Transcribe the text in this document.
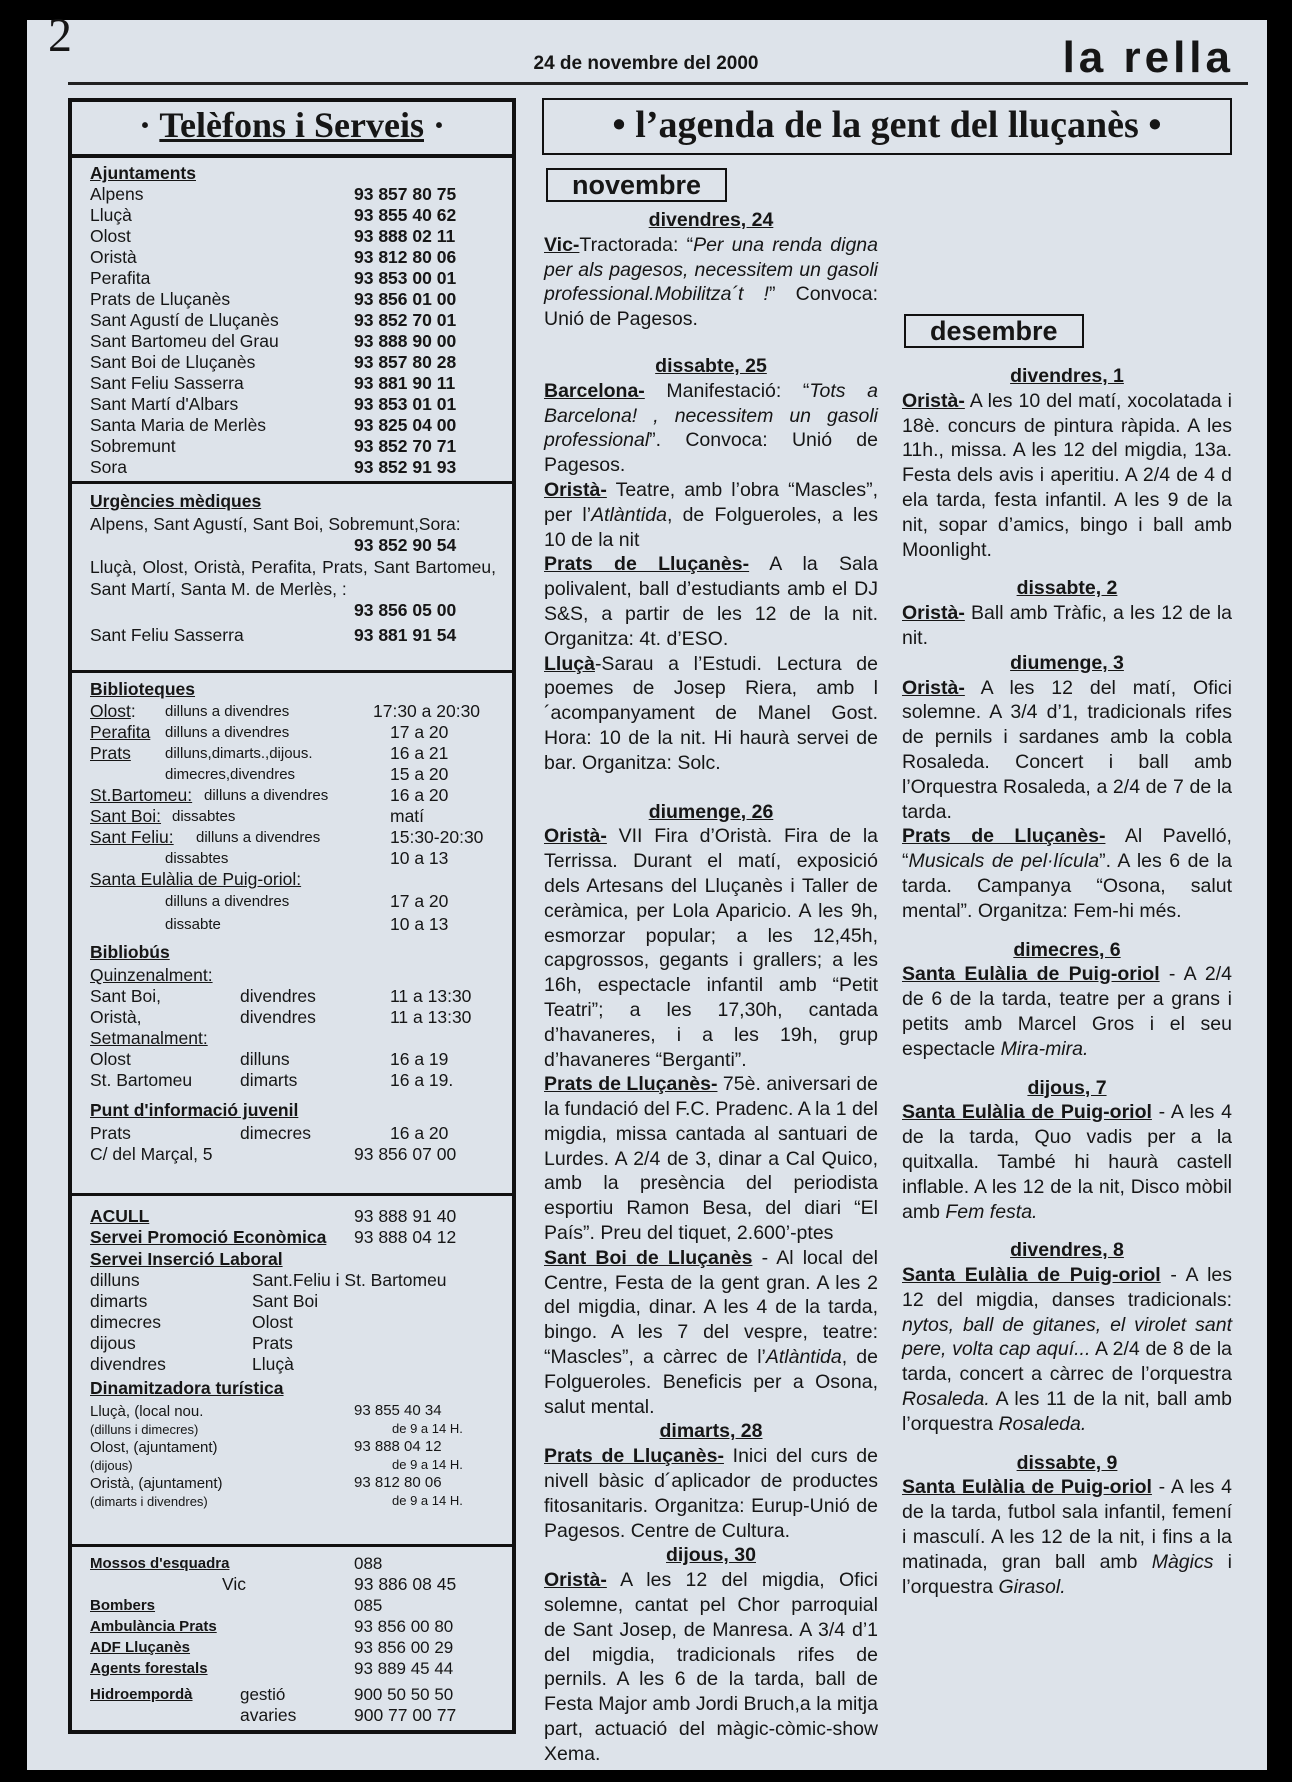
2
24 de novembre del 2000	la rella
· Telèfons i Serveis ·
Ajuntaments
Alpens	93 857 80 75
Lluçà	93 855 40 62
Olost	93 888 02 11
Oristà	93 812 80 06
Perafita	93 853 00 01
Prats de Lluçanès	93 856 01 00
Sant Agustí de Lluçanès	93 852 70 01
Sant Bartomeu del Grau	93 888 90 00
Sant Boi de Lluçanès	93 857 80 28
Sant Feliu Sasserra	93 881 90 11
Sant Martí d'Albars	93 853 01 01
Santa Maria de Merlès	93 825 04 00
Sobremunt	93 852 70 71
Sora	93 852 91 93
Urgències mèdiques
Alpens, Sant Agustí, Sant Boi, Sobremunt,Sora:
93 852 90 54
Lluçà, Olost, Oristà, Perafita, Prats, Sant Bartomeu, Sant Martí, Santa M. de Merlès, :
93 856 05 00
Sant Feliu Sasserra	93 881 91 54
Biblioteques
Olost: dilluns a divendres	17:30 a 20:30
Perafita dilluns a divendres	17 a 20
Prats dilluns,dimarts.,dijous.	16 a 21
dimecres,divendres	15 a 20
St.Bartomeu: dilluns a divendres	16 a 20
Sant Boi: dissabtes	matí
Sant Feliu: dilluns a divendres	15:30-20:30
dissabtes	10 a 13
Santa Eulàlia de Puig-oriol:
dilluns a divendres	17 a 20
dissabte	10 a 13
Bibliobús
Quinzenalment:
Sant Boi,	divendres	11 a 13:30
Oristà,	divendres	11 a 13:30
Setmanalment:
Olost	dilluns	16 a 19
St. Bartomeu	dimarts	16 a 19.
Punt d'informació juvenil
Prats	dimecres	16 a 20
C/ del Marçal, 5	93 856 07 00
ACULL	93 888 91 40
Servei Promoció Econòmica 93 888 04 12
Servei Inserció Laboral
dilluns	Sant.Feliu i St. Bartomeu
dimarts	Sant Boi
dimecres	Olost
dijous	Prats
divendres	Lluçà
Dinamitzadora turística
Lluçà, (local nou.	93 855 40 34
(dilluns i dimecres)	de 9 a 14 H.
Olost, (ajuntament)	93 888 04 12
(dijous)	de 9 a 14 H.
Oristà, (ajuntament)	93 812 80 06
(dimarts i divendres)	de 9 a 14 H.
Mossos d'esquadra	088
Vic	93 886 08 45
Bombers	085
Ambulància Prats	93 856 00 80
ADF Lluçanès	93 856 00 29
Agents forestals	93 889 45 44
Hidroempordà	gestió	900 50 50 50
avaries	900 77 00 77
• l’agenda de la gent del lluçanès •
novembre
divendres, 24

Vic-Tractorada: “Per una renda digna per als pagesos, necessitem un gasoli professional.Mobilitza´t !” Convoca: Unió de Pagesos.

dissabte, 25

Barcelona- Manifestació: “Tots a Barcelona! , necessitem un gasoli professional”. Convoca: Unió de Pagesos.

Oristà- Teatre, amb l’obra “Mascles”, per l’Atlàntida, de Folgueroles, a les 10 de la nit

Prats de Lluçanès- A la Sala polivalent, ball d’estudiants amb el DJ S&S, a partir de les 12 de la nit. Organitza: 4t. d’ESO.

Lluçà-Sarau a l’Estudi. Lectura de poemes de Josep Riera, amb l´acompanyament de Manel Gost. Hora: 10 de la nit. Hi haurà servei de bar. Organitza: Solc.

diumenge, 26

Oristà- VII Fira d’Oristà. Fira de la Terrissa. Durant el matí, exposició dels Artesans del Lluçanès i Taller de ceràmica, per Lola Aparicio. A les 9h, esmorzar popular; a les 12,45h, capgrossos, gegants i grallers; a les 16h, espectacle infantil amb “Petit Teatri”; a les 17,30h, cantada d’havaneres, i a les 19h, grup d’havaneres “Berganti”.

Prats de Lluçanès- 75è. aniversari de la fundació del F.C. Pradenc. A la 1 del migdia, missa cantada al santuari de Lurdes. A 2/4 de 3, dinar a Cal Quico, amb la presència del periodista esportiu Ramon Besa, del diari “El País”. Preu del tiquet, 2.600’-ptes

Sant Boi de Lluçanès - Al local del Centre, Festa de la gent gran. A les 2 del migdia, dinar. A les 4 de la tarda, bingo. A les 7 del vespre, teatre: “Mascles”, a càrrec de l’Atlàntida, de Folgueroles. Beneficis per a Osona, salut mental.

dimarts, 28

Prats de Lluçanès- Inici del curs de nivell bàsic d´aplicador de productes fitosanitaris. Organitza: Eurup-Unió de Pagesos. Centre de Cultura.

dijous, 30

Oristà- A les 12 del migdia, Ofici solemne, cantat pel Chor parroquial de Sant Josep, de Manresa. A 3/4 d’1 del migdia, tradicionals rifes de pernils. A les 6 de la tarda, ball de Festa Major amb Jordi Bruch,a la mitja part, actuació del màgic-còmic-show Xema.

desembre
divendres, 1

Oristà- A les 10 del matí, xocolatada i 18è. concurs de pintura ràpida. A les 11h., missa. A les 12 del migdia, 13a. Festa dels avis i aperitiu. A 2/4 de 4 d ela tarda, festa infantil. A les 9 de la nit, sopar d’amics, bingo i ball amb Moonlight.

dissabte, 2

Oristà- Ball amb Tràfic, a les 12 de la nit.

diumenge, 3

Oristà- A les 12 del matí, Ofici solemne. A 3/4 d’1, tradicionals rifes de pernils i sardanes amb la cobla Rosaleda. Concert i ball amb l’Orquestra Rosaleda, a 2/4 de 7 de la tarda.

Prats de Lluçanès- Al Pavelló, “Musicals de pel·lícula”. A les 6 de la tarda. Campanya “Osona, salut mental”. Organitza: Fem-hi més.

dimecres, 6

Santa Eulàlia de Puig-oriol - A 2/4 de 6 de la tarda, teatre per a grans i petits amb Marcel Gros i el seu espectacle Mira-mira.

dijous, 7

Santa Eulàlia de Puig-oriol - A les 4 de la tarda, Quo vadis per a la quitxalla. També hi haurà castell inflable. A les 12 de la nit, Disco mòbil amb Fem festa.

divendres, 8

Santa Eulàlia de Puig-oriol - A les 12 del migdia, danses tradicionals: nytos, ball de gitanes, el virolet sant pere, volta cap aquí... A 2/4 de 8 de la tarda, concert a càrrec de l’orquestra Rosaleda. A les 11 de la nit, ball amb l’orquestra Rosaleda.

dissabte, 9

Santa Eulàlia de Puig-oriol - A les 4 de la tarda, futbol sala infantil, femení i masculí. A les 12 de la nit, i fins a la matinada, gran ball amb Màgics i l’orquestra Girasol.
